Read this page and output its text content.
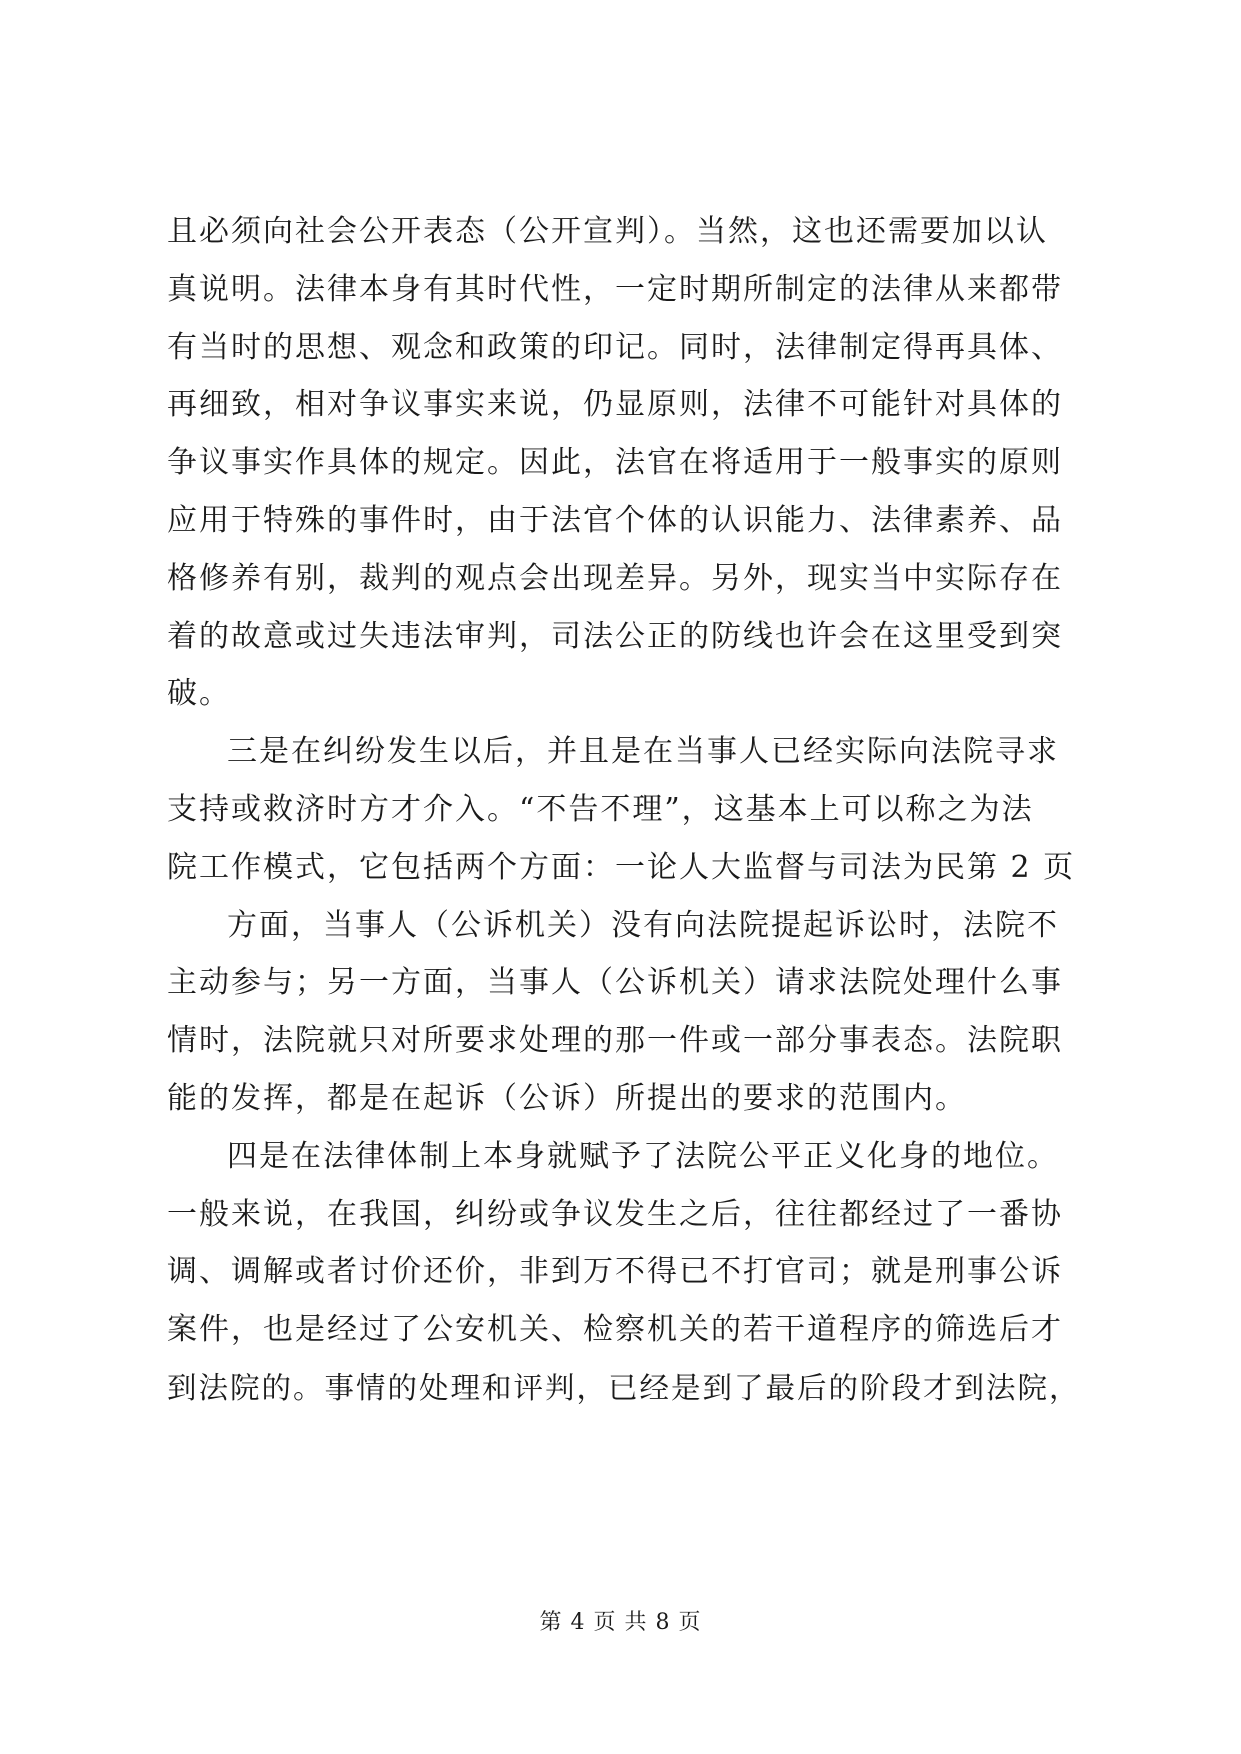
且必须向社会公开表态（公开宣判）。当然，这也还需要加以认
真说明。法律本身有其时代性，一定时期所制定的法律从来都带
有当时的思想、观念和政策的印记。同时，法律制定得再具体、
再细致，相对争议事实来说，仍显原则，法律不可能针对具体的
争议事实作具体的规定。因此，法官在将适用于一般事实的原则
应用于特殊的事件时，由于法官个体的认识能力、法律素养、品
格修养有别，裁判的观点会出现差异。另外，现实当中实际存在
着的故意或过失违法审判，司法公正的防线也许会在这里受到突
破。
三是在纠纷发生以后，并且是在当事人已经实际向法院寻求
支持或救济时方才介入。“不告不理”，这基本上可以称之为法
院工作模式，它包括两个方面：一论人大监督与司法为民第 2 页
方面，当事人（公诉机关）没有向法院提起诉讼时，法院不
主动参与；另一方面，当事人（公诉机关）请求法院处理什么事
情时，法院就只对所要求处理的那一件或一部分事表态。法院职
能的发挥，都是在起诉（公诉）所提出的要求的范围内。
四是在法律体制上本身就赋予了法院公平正义化身的地位。
一般来说，在我国，纠纷或争议发生之后，往往都经过了一番协
调、调解或者讨价还价，非到万不得已不打官司；就是刑事公诉
案件，也是经过了公安机关、检察机关的若干道程序的筛选后才
到法院的。事情的处理和评判，已经是到了最后的阶段才到法院，
第 4 页 共 8 页
